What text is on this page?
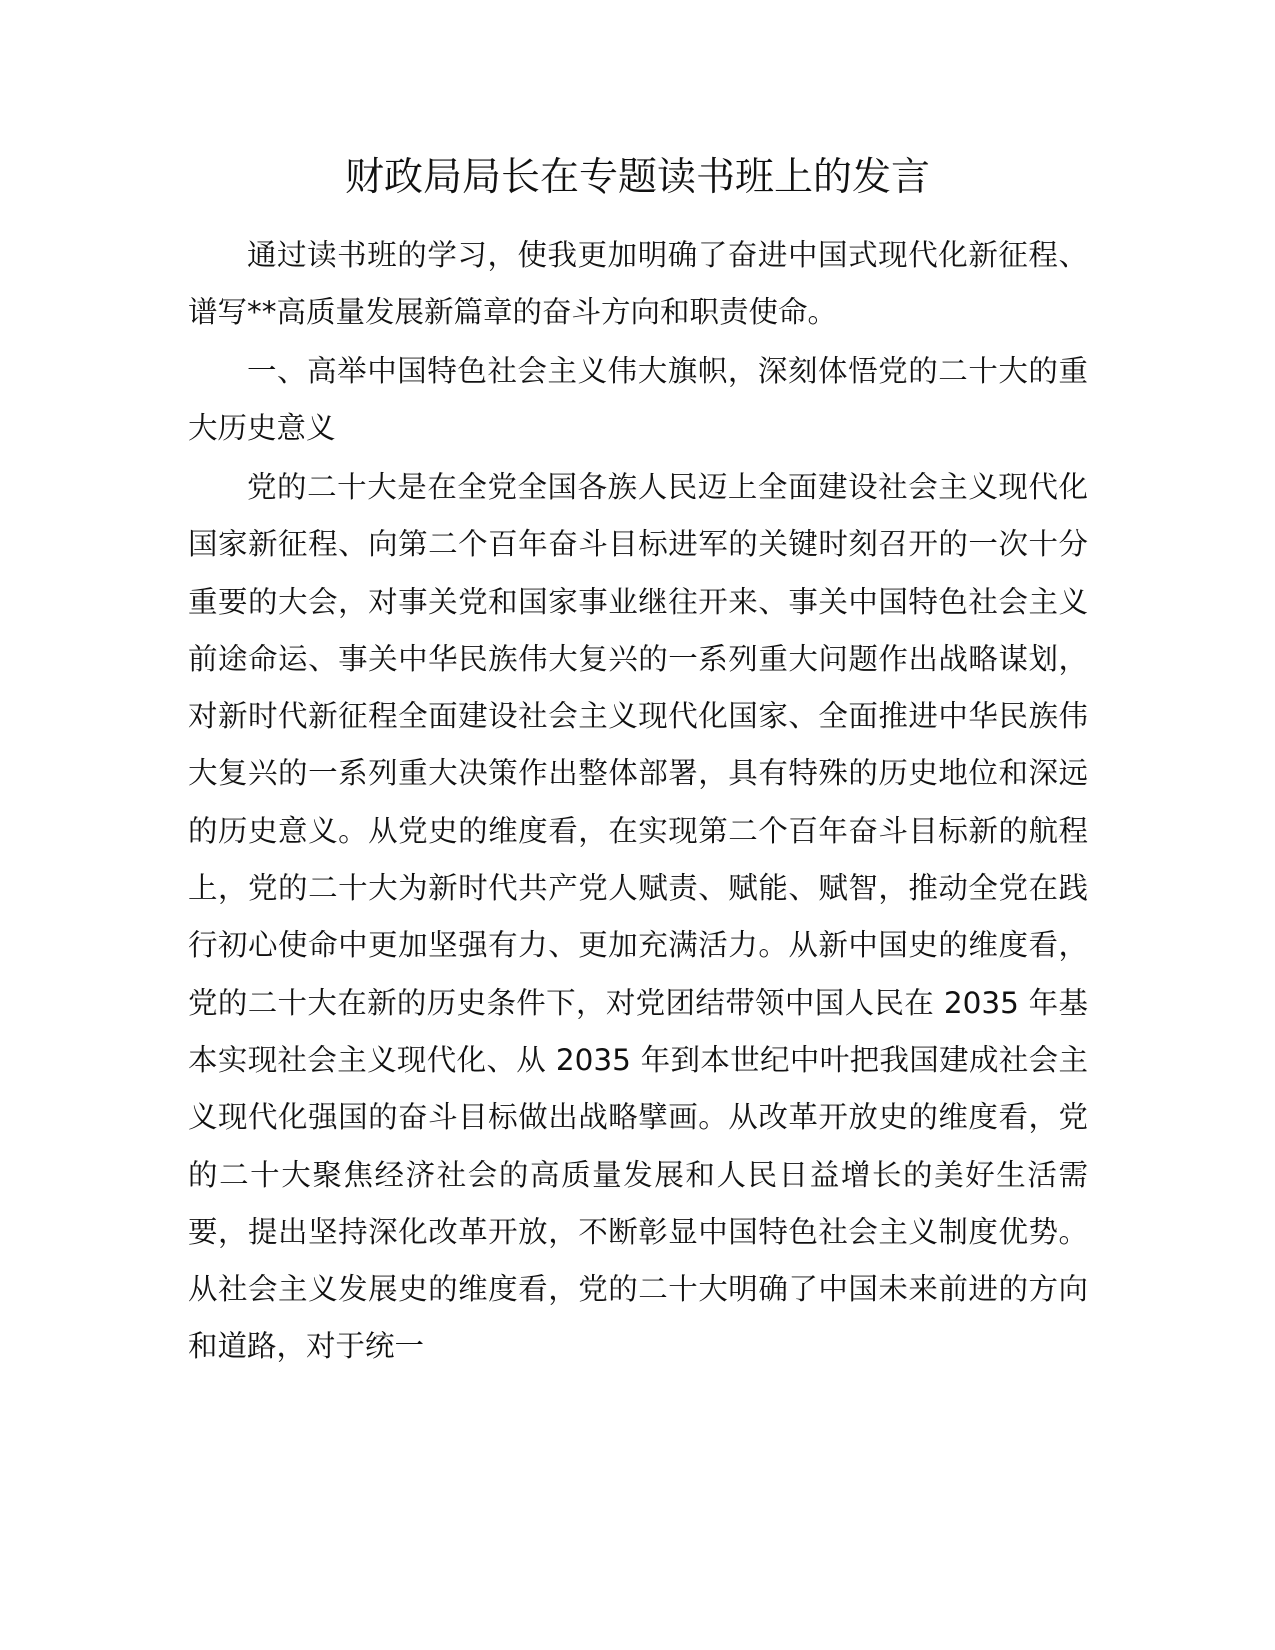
财政局局长在专题读书班上的发言

通过读书班的学习，使我更加明确了奋进中国式现代化新征程、谱写**高质量发展新篇章的奋斗方向和职责使命。

一、高举中国特色社会主义伟大旗帜，深刻体悟党的二十大的重大历史意义

党的二十大是在全党全国各族人民迈上全面建设社会主义现代化国家新征程、向第二个百年奋斗目标进军的关键时刻召开的一次十分重要的大会，对事关党和国家事业继往开来、事关中国特色社会主义前途命运、事关中华民族伟大复兴的一系列重大问题作出战略谋划，对新时代新征程全面建设社会主义现代化国家、全面推进中华民族伟大复兴的一系列重大决策作出整体部署，具有特殊的历史地位和深远的历史意义。从党史的维度看，在实现第二个百年奋斗目标新的航程上，党的二十大为新时代共产党人赋责、赋能、赋智，推动全党在践行初心使命中更加坚强有力、更加充满活力。从新中国史的维度看，党的二十大在新的历史条件下，对党团结带领中国人民在 2035 年基本实现社会主义现代化、从 2035 年到本世纪中叶把我国建成社会主义现代化强国的奋斗目标做出战略擘画。从改革开放史的维度看，党的二十大聚焦经济社会的高质量发展和人民日益增长的美好生活需要，提出坚持深化改革开放，不断彰显中国特色社会主义制度优势。从社会主义发展史的维度看，党的二十大明确了中国未来前进的方向和道路，对于统一
